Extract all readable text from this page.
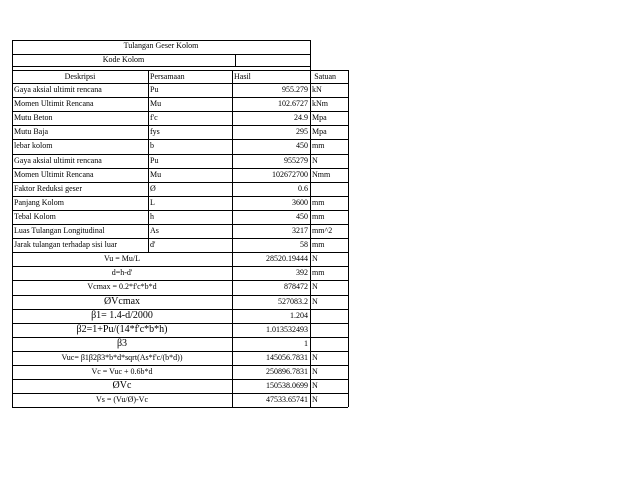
Tulangan Geser Kolom
Kode Kolom
Deskripsi	Persamaan	Hasil	Satuan
Gaya aksial ultimit rencana	Pu	955.279 kN
Momen Ultimit Rencana	Mu	102.6727 kNm
Mutu Beton	f'c	24.9 Mpa
Mutu Baja	fys	295 Mpa
lebar kolom	b	450 mm
Gaya aksial ultimit rencana	Pu	955279 N
Momen Ultimit Rencana	Mu	102672700 Nmm
Faktor Reduksi geser	Ø	0.6
Panjang Kolom	L	3600 mm
Tebal Kolom	h	450 mm
Luas Tulangan Longitudinal	As	3217 mm^2
Jarak tulangan terhadap sisi luar	d'	58 mm
Vu = Mu/L	28520.19444 N
d=h-d'	392 mm
Vcmax = 0.2*f'c*b*d	878472 N
ØVcmax	527083.2 N
β1= 1.4-d/2000	1.204
β2=1+Pu/(14*f'c*b*h)	1.013532493
β3	1
Vuc= β1β2β3*b*d*sqrt(As*f'c/(b*d))	145056.7831 N
Vc = Vuc + 0.6b*d	250896.7831 N
ØVc	150538.0699 N
Vs = (Vu/Ø)-Vc	47533.65741 N
